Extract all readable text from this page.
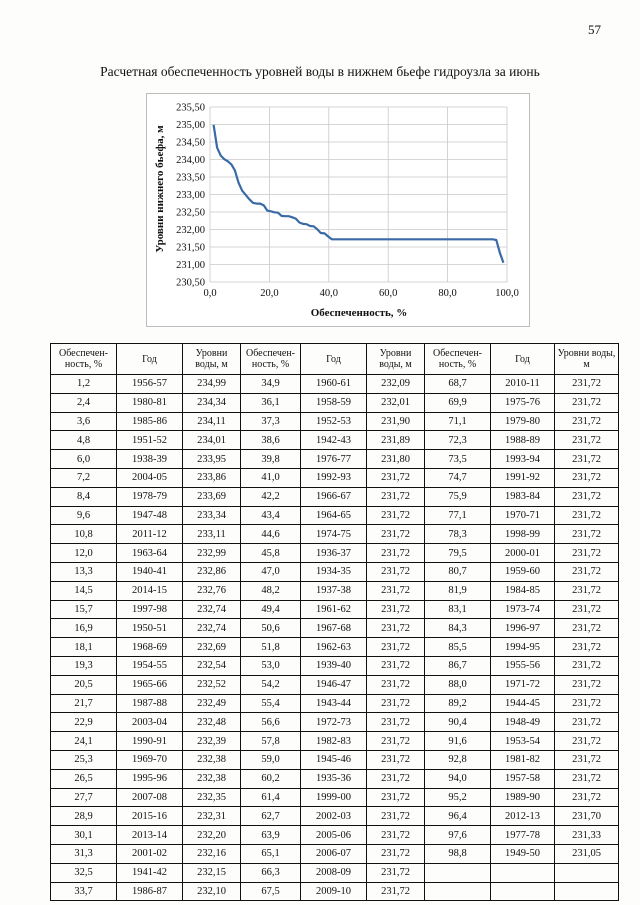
57
Расчетная обеспеченность уровней воды в нижнем бьефе гидроузла за июнь
230,50
231,00
231,50
232,00
232,50
233,00
233,50
234,00
234,50
235,00
235,50
0,0	20,0	40,0	60,0	80,0	100,0
Обеспеченность, %
Уровни нижнего бьефа, м
Обеспечен-ность, %	Год	Уровни воды, м	Обеспечен-ность, %	Год	Уровни воды, м	Обеспечен-ность, %	Год	Уровни воды, м
1,2	1956-57	234,99	34,9	1960-61	232,09	68,7	2010-11	231,72
2,4	1980-81	234,34	36,1	1958-59	232,01	69,9	1975-76	231,72
3,6	1985-86	234,11	37,3	1952-53	231,90	71,1	1979-80	231,72
4,8	1951-52	234,01	38,6	1942-43	231,89	72,3	1988-89	231,72
6,0	1938-39	233,95	39,8	1976-77	231,80	73,5	1993-94	231,72
7,2	2004-05	233,86	41,0	1992-93	231,72	74,7	1991-92	231,72
8,4	1978-79	233,69	42,2	1966-67	231,72	75,9	1983-84	231,72
9,6	1947-48	233,34	43,4	1964-65	231,72	77,1	1970-71	231,72
10,8	2011-12	233,11	44,6	1974-75	231,72	78,3	1998-99	231,72
12,0	1963-64	232,99	45,8	1936-37	231,72	79,5	2000-01	231,72
13,3	1940-41	232,86	47,0	1934-35	231,72	80,7	1959-60	231,72
14,5	2014-15	232,76	48,2	1937-38	231,72	81,9	1984-85	231,72
15,7	1997-98	232,74	49,4	1961-62	231,72	83,1	1973-74	231,72
16,9	1950-51	232,74	50,6	1967-68	231,72	84,3	1996-97	231,72
18,1	1968-69	232,69	51,8	1962-63	231,72	85,5	1994-95	231,72
19,3	1954-55	232,54	53,0	1939-40	231,72	86,7	1955-56	231,72
20,5	1965-66	232,52	54,2	1946-47	231,72	88,0	1971-72	231,72
21,7	1987-88	232,49	55,4	1943-44	231,72	89,2	1944-45	231,72
22,9	2003-04	232,48	56,6	1972-73	231,72	90,4	1948-49	231,72
24,1	1990-91	232,39	57,8	1982-83	231,72	91,6	1953-54	231,72
25,3	1969-70	232,38	59,0	1945-46	231,72	92,8	1981-82	231,72
26,5	1995-96	232,38	60,2	1935-36	231,72	94,0	1957-58	231,72
27,7	2007-08	232,35	61,4	1999-00	231,72	95,2	1989-90	231,72
28,9	2015-16	232,31	62,7	2002-03	231,72	96,4	2012-13	231,70
30,1	2013-14	232,20	63,9	2005-06	231,72	97,6	1977-78	231,33
31,3	2001-02	232,16	65,1	2006-07	231,72	98,8	1949-50	231,05
32,5	1941-42	232,15	66,3	2008-09	231,72			
33,7	1986-87	232,10	67,5	2009-10	231,72			
